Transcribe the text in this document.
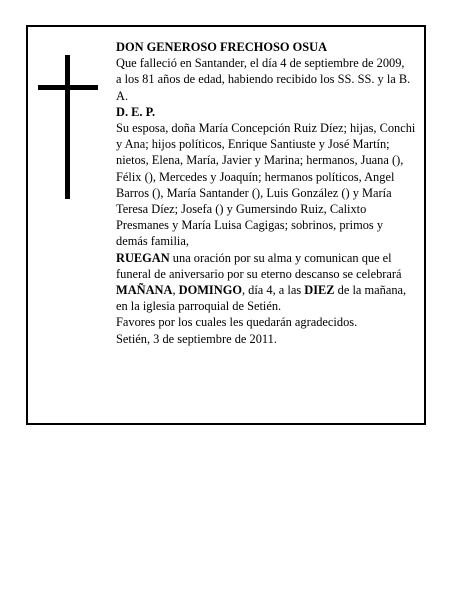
DON GENEROSO FRECHOSO OSUA

Que falleció en Santander, el día 4 de septiembre de 2009,

a los 81 años de edad, habiendo recibido los SS. SS. y la B. A.

D. E. P.

Su esposa, doña María Concepción Ruiz Díez; hijas, Conchi y Ana; hijos políticos, Enrique Santiuste y José Martín; nietos, Elena, María, Javier y Marina; hermanos, Juana (), Félix (), Mercedes y Joaquín; hermanos políticos, Angel Barros (), María Santander (), Luis González () y María Teresa Díez; Josefa () y Gumersindo Ruiz, Calixto Presmanes y María Luisa Cagigas; sobrinos, primos y demás familia,

RUEGAN una oración por su alma y comunican que el funeral de aniversario por su eterno descanso se celebrará MAÑANA, DOMINGO, día 4, a las DIEZ de la mañana, en la iglesia parroquial de Setién.

Favores por los cuales les quedarán agradecidos.

Setién, 3 de septiembre de 2011.
